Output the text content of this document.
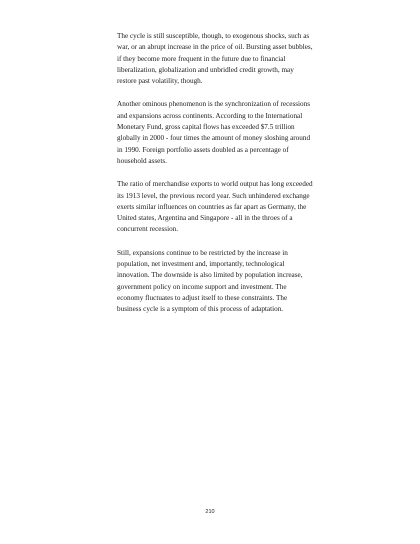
The cycle is still susceptible, though, to exogenous shocks, such as war, or an abrupt increase in the price of oil. Bursting asset bubbles, if they become more frequent in the future due to financial liberalization, globalization and unbridled credit growth, may restore past volatility, though.

Another ominous phenomenon is the synchronization of recessions and expansions across continents. According to the International Monetary Fund, gross capital flows has exceeded $7.5 trillion globally in 2000 - four times the amount of money sloshing around in 1990. Foreign portfolio assets doubled as a percentage of household assets.

The ratio of merchandise exports to world output has long exceeded its 1913 level, the previous record year. Such unhindered exchange exerts similar influences on countries as far apart as Germany, the United states, Argentina and Singapore - all in the throes of a concurrent recession.

Still, expansions continue to be restricted by the increase in population, net investment and, importantly, technological innovation. The downside is also limited by population increase, government policy on income support and investment. The economy fluctuates to adjust itself to these constraints. The business cycle is a symptom of this process of adaptation.

210
